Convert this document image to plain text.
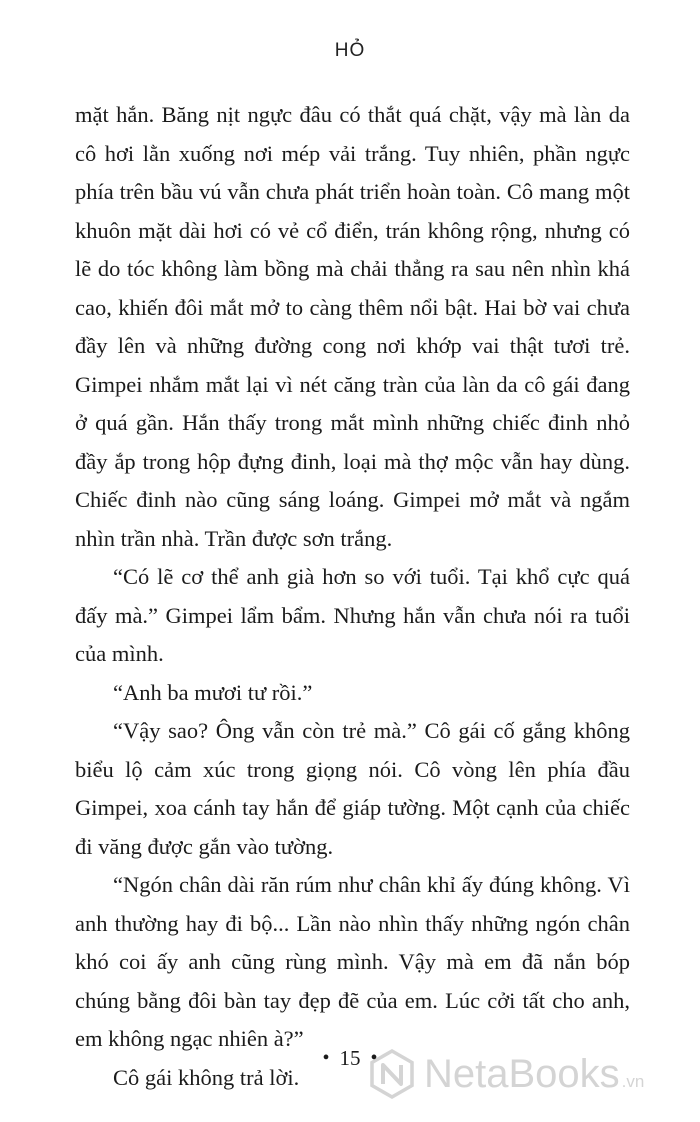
HỎ

mặt hắn. Băng nịt ngực đâu có thắt quá chặt, vậy mà làn da cô hơi lằn xuống nơi mép vải trắng. Tuy nhiên, phần ngực phía trên bầu vú vẫn chưa phát triển hoàn toàn. Cô mang một khuôn mặt dài hơi có vẻ cổ điển, trán không rộng, nhưng có lẽ do tóc không làm bồng mà chải thẳng ra sau nên nhìn khá cao, khiến đôi mắt mở to càng thêm nổi bật. Hai bờ vai chưa đầy lên và những đường cong nơi khớp vai thật tươi trẻ. Gimpei nhắm mắt lại vì nét căng tràn của làn da cô gái đang ở quá gần. Hắn thấy trong mắt mình những chiếc đinh nhỏ đầy ắp trong hộp đựng đinh, loại mà thợ mộc vẫn hay dùng. Chiếc đinh nào cũng sáng loáng. Gimpei mở mắt và ngắm nhìn trần nhà. Trần được sơn trắng.

“Có lẽ cơ thể anh già hơn so với tuổi. Tại khổ cực quá đấy mà.” Gimpei lẩm bẩm. Nhưng hắn vẫn chưa nói ra tuổi của mình.

“Anh ba mươi tư rồi.”

“Vậy sao? Ông vẫn còn trẻ mà.” Cô gái cố gắng không biểu lộ cảm xúc trong giọng nói. Cô vòng lên phía đầu Gimpei, xoa cánh tay hắn để giáp tường. Một cạnh của chiếc đi văng được gắn vào tường.

“Ngón chân dài răn rúm như chân khỉ ấy đúng không. Vì anh thường hay đi bộ... Lần nào nhìn thấy những ngón chân khó coi ấy anh cũng rùng mình. Vậy mà em đã nắn bóp chúng bằng đôi bàn tay đẹp đẽ của em. Lúc cởi tất cho anh, em không ngạc nhiên à?”

Cô gái không trả lời.

• 15 •	NetaBooks .vn
